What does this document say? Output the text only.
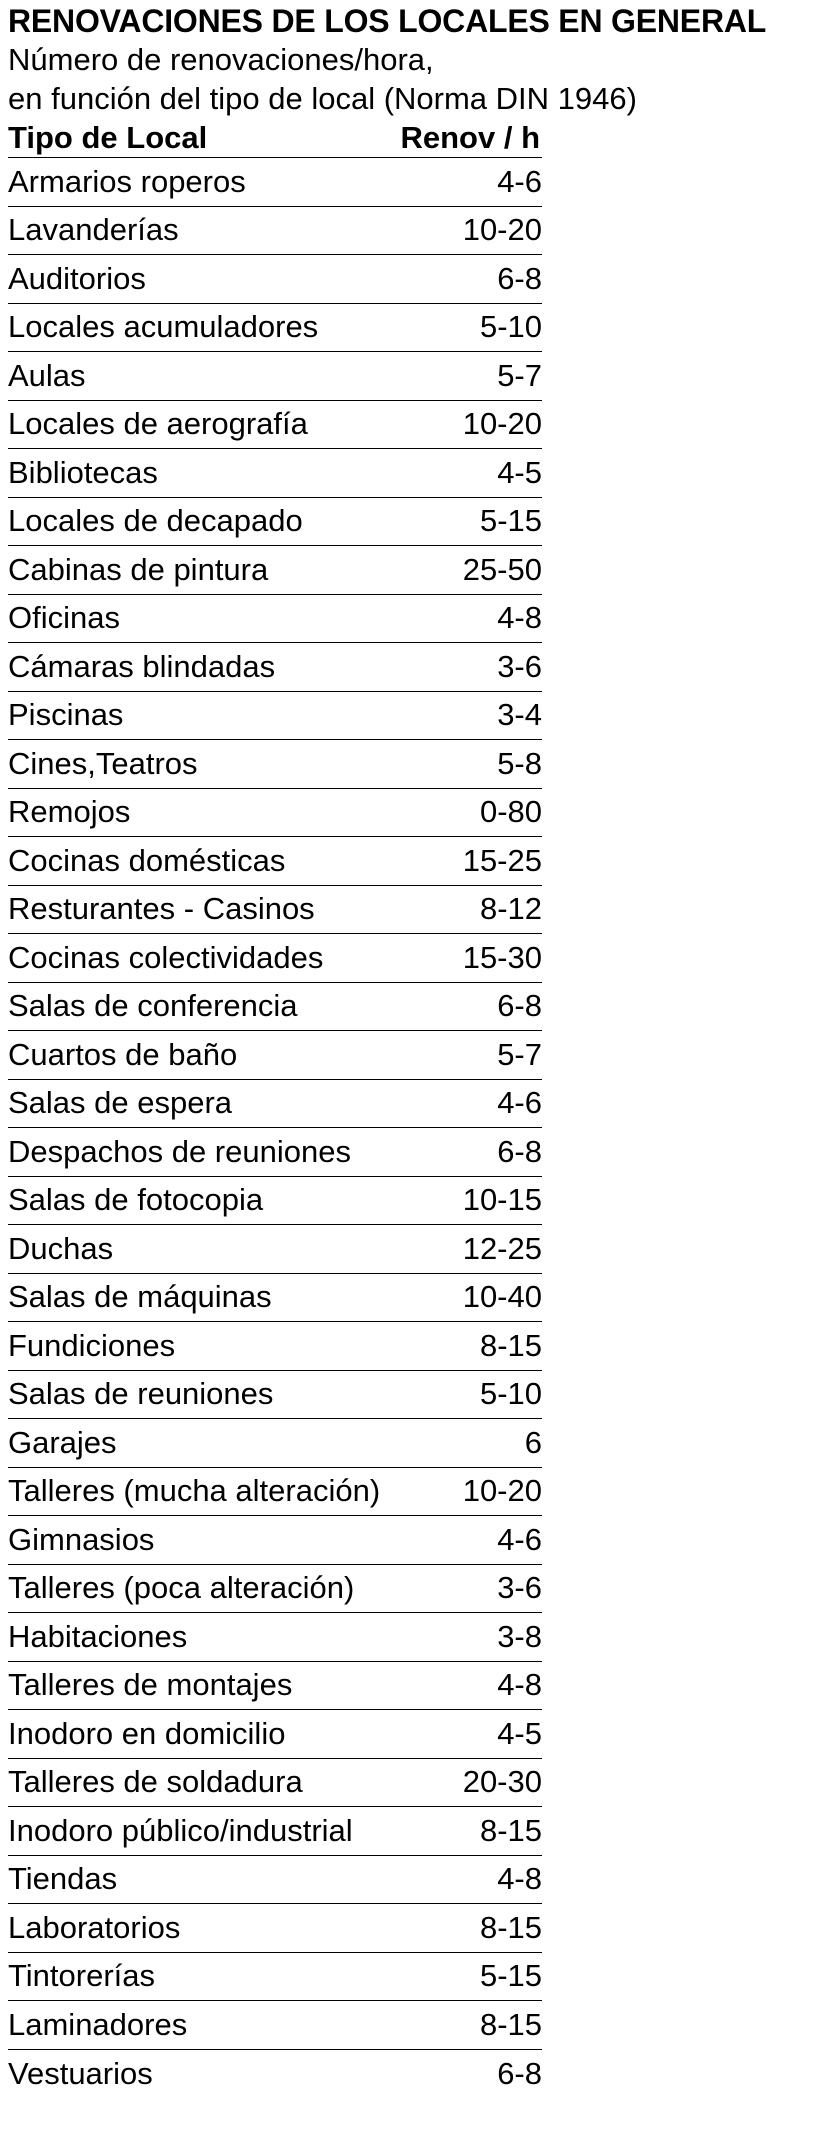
RENOVACIONES DE LOS LOCALES EN GENERAL
Número de renovaciones/hora,
en función del tipo de local (Norma DIN 1946)
Tipo de Local	Renov / h
Armarios roperos	4-6
Lavanderías	10-20
Auditorios	6-8
Locales acumuladores	5-10
Aulas	5-7
Locales de aerografía	10-20
Bibliotecas	4-5
Locales de decapado	5-15
Cabinas de pintura	25-50
Oficinas	4-8
Cámaras blindadas	3-6
Piscinas	3-4
Cines,Teatros	5-8
Remojos	0-80
Cocinas domésticas	15-25
Resturantes - Casinos	8-12
Cocinas colectividades	15-30
Salas de conferencia	6-8
Cuartos de baño	5-7
Salas de espera	4-6
Despachos de reuniones	6-8
Salas de fotocopia	10-15
Duchas	12-25
Salas de máquinas	10-40
Fundiciones	8-15
Salas de reuniones	5-10
Garajes	6
Talleres (mucha alteración)	10-20
Gimnasios	4-6
Talleres (poca alteración)	3-6
Habitaciones	3-8
Talleres de montajes	4-8
Inodoro en domicilio	4-5
Talleres de soldadura	20-30
Inodoro público/industrial	8-15
Tiendas	4-8
Laboratorios	8-15
Tintorerías	5-15
Laminadores	8-15
Vestuarios	6-8
